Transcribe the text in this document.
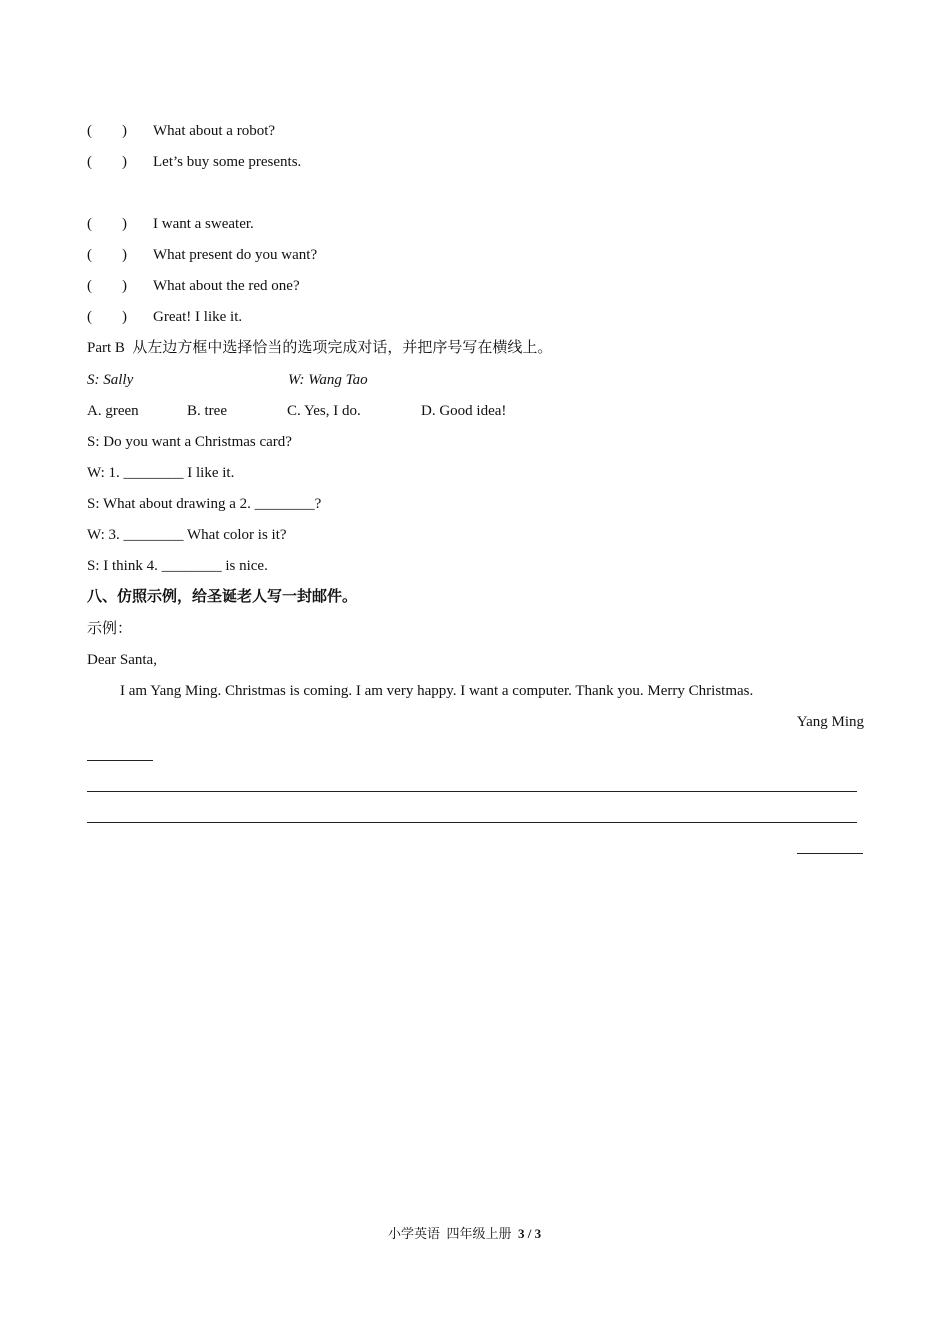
(　　) What about a robot?
(　　) Let’s buy some presents.
(　　) I want a sweater.
(　　) What present do you want?
(　　) What about the red one?
(　　) Great! I like it.
Part B  从左边方框中选择恰当的选项完成对话，并把序号写在横线上。
S: Sally	W: Wang Tao
A. green	B. tree	C. Yes, I do.	D. Good idea!
S: Do you want a Christmas card?
W: 1. ________ I like it.
S: What about drawing a 2. ________?
W: 3. ________ What color is it?
S: I think 4. ________ is nice.
八、仿照示例，给圣诞老人写一封邮件。
示例：
Dear Santa,
I am Yang Ming. Christmas is coming. I am very happy. I want a computer. Thank you. Merry Christmas.
Yang Ming
小学英语  四年级上册 3 / 3
